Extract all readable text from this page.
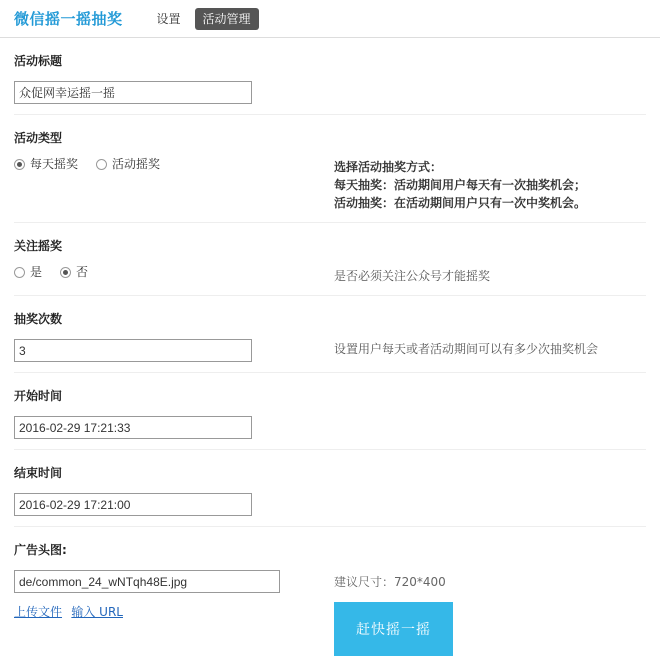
微信摇一摇抽奖	设置	活动管理
活动标题
众促网幸运摇一摇
活动类型
每天摇奖	活动摇奖	选择活动抽奖方式：
每天抽奖：活动期间用户每天有一次抽奖机会；
活动抽奖：在活动期间用户只有一次中奖机会。
关注摇奖
是	否	是否必须关注公众号才能摇奖
抽奖次数
3
设置用户每天或者活动期间可以有多少次抽奖机会
开始时间
2016-02-29 17:21:33
结束时间
2016-02-29 17:21:00
广告头图:
de/common_24_wNTqh48E.jpg
上传文件 输入 URL
建议尺寸：720*400
赶快摇一摇
